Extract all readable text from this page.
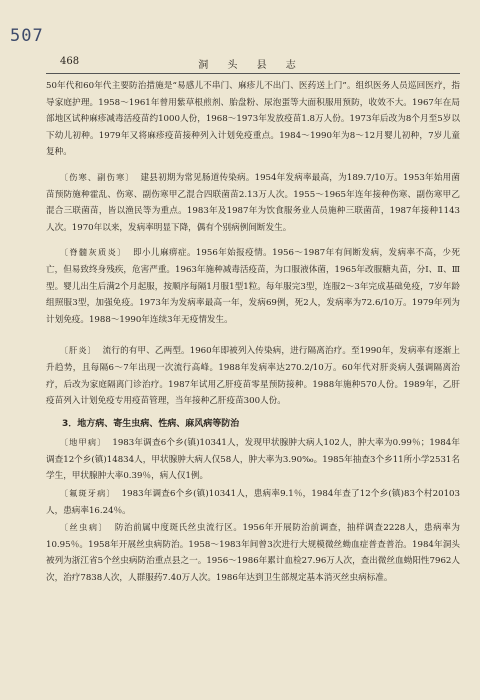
507
468	洞 头 县 志

50年代和60年代主要防治措施是“易感儿不串门、麻疹儿不出门、医药送上门”。组织医务人员巡回医疗，指导家庭护理。1958～1961年曾用紫草根煎剂、胎盘粉、尿泡蛋等大面积服用预防，收效不大。1967年在局部地区试种麻疹减毒活疫苗约1000人份，1968～1973年发放疫苗1.8万人份。1973年后改为8个月至5岁以下幼儿初种。1979年又将麻疹疫苗接种列入计划免疫重点。1984～1990年为8～12月婴儿初种，7岁儿童复种。

〔伤寒、副伤寒〕 建县初期为常见肠道传染病。1954年发病率最高，为189.7/10万。1953年始用菌苗预防施种霍乱、伤寒、副伤寒甲乙混合四联菌苗2.13万人次。1955～1965年连年接种伤寒、副伤寒甲乙混合三联菌苗，皆以渔民等为重点。1983年及1987年为饮食服务业人员施种三联菌苗，1987年接种1143人次。1970年以来，发病率明显下降，偶有个别病例间断发生。

〔脊髓灰质炎〕 即小儿麻痹症。1956年始报疫情。1956～1987年有间断发病，发病率不高，少死亡，但易致终身残疾，危害严重。1963年施种减毒活疫苗，为口服液体菌，1965年改服糖丸苗，分Ⅰ、Ⅱ、Ⅲ型。婴儿出生后满2个月起服，按顺序每隔1月服1型1粒。每年服完3型，连服2～3年完成基础免疫，7岁年龄组照服3型，加强免疫。1973年为发病率最高一年，发病69例，死2人，发病率为72.6/10万。1979年列为计划免疫。1988～1990年连续3年无疫情发生。

〔肝炎〕 流行的有甲、乙两型。1960年即被列入传染病，进行隔离治疗。至1990年，发病率有逐渐上升趋势，且每隔6～7年出现一次流行高峰。1988年发病率达270.2/10万。60年代对肝炎病人强调隔离治疗，后改为家庭隔离门诊治疗。1987年试用乙肝疫苗零星预防接种。1988年施种570人份。1989年，乙肝疫苗列入计划免疫专用疫苗管理，当年接种乙肝疫苗300人份。

3．地方病、寄生虫病、性病、麻风病等防治

〔地甲病〕 1983年调查6个乡(镇)10341人，发现甲状腺肿大病人102人，肿大率为0.99％；1984年调查12个乡(镇)14834人，甲状腺肿大病人仅58人，肿大率为3.90‰。1985年抽查3个乡11所小学2531名学生，甲状腺肿大率0.39％，病人仅1例。

〔氟斑牙病〕 1983年调查6个乡(镇)10341人，患病率9.1％，1984年查了12个乡(镇)83个村20103人，患病率16.24％。

〔丝虫病〕 防治前属中度斑氏丝虫流行区。1956年开展防治前调查，抽样调查2228人，患病率为10.95％。1958年开展丝虫病防治。1958～1983年间曾3次进行大规模微丝蚴血症普查普治。1984年洞头被列为浙江省5个丝虫病防治重点县之一。1956～1986年累计血检27.96万人次，查出微丝血蚴阳性7962人次，治疗7838人次，人群服药7.40万人次。1986年达到卫生部规定基本消灭丝虫病标准。
